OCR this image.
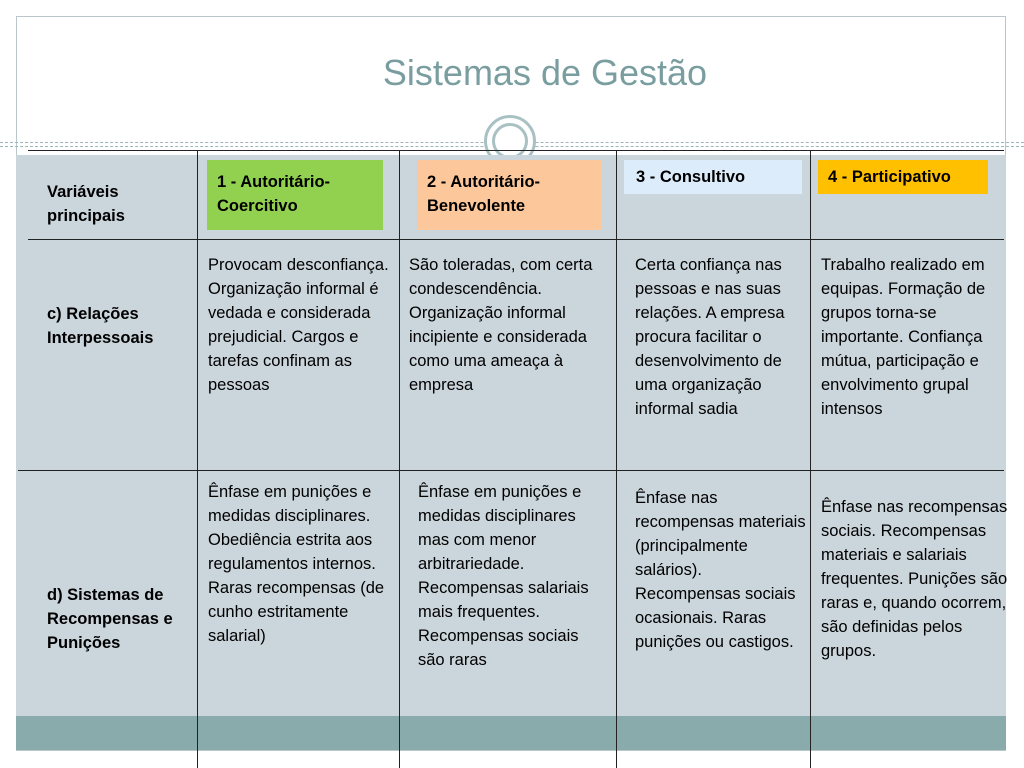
Sistemas de Gestão

Variáveis principais

1 - Autoritário-
Coercitivo
2 - Autoritário-
Benevolente
3 - Consultivo	4 - Participativo

c) Relações Interpessoais

Provocam desconfiança. Organização informal é vedada e considerada prejudicial. Cargos e tarefas confinam as pessoas

São toleradas, com certa condescendência. Organização informal incipiente e considerada como uma ameaça à empresa

Certa confiança nas pessoas e nas suas relações. A empresa procura facilitar o desenvolvimento de uma organização informal sadia

Trabalho realizado em equipas. Formação de grupos torna-se importante. Confiança mútua, participação e envolvimento grupal intensos

d) Sistemas de Recompensas e Punições

Ênfase em punições e medidas disciplinares. Obediência estrita aos regulamentos internos. Raras recompensas (de cunho estritamente salarial)

Ênfase em punições e medidas disciplinares mas com menor arbitrariedade. Recompensas salariais mais frequentes. Recompensas sociais são raras

Ênfase nas recompensas materiais (principalmente salários). Recompensas sociais ocasionais. Raras punições ou castigos.

Ênfase nas recompensas sociais. Recompensas materiais e salariais frequentes. Punições são raras e, quando ocorrem, são definidas pelos grupos.
